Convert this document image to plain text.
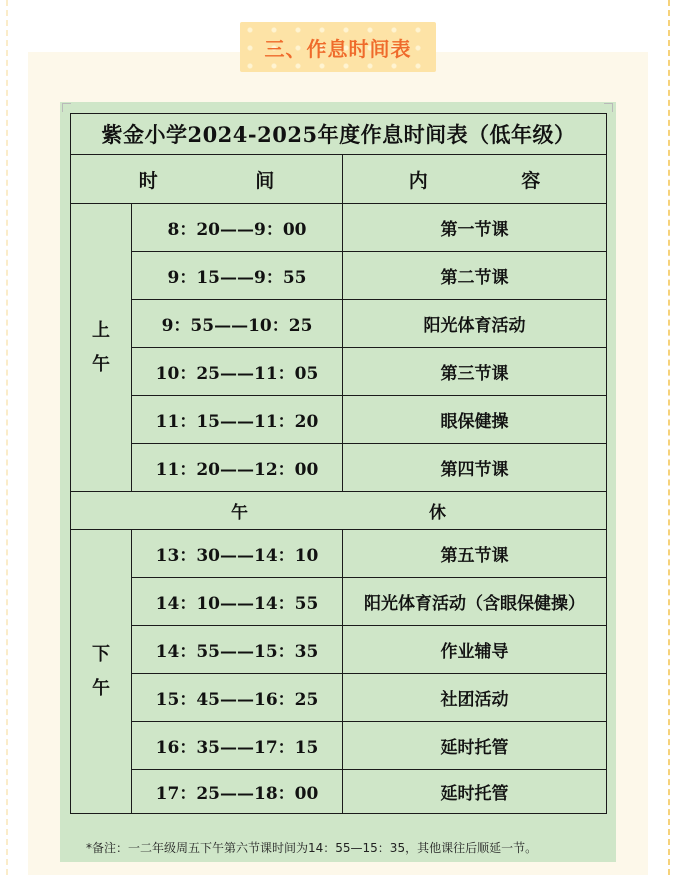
三、作息时间表
紫金小学2024-2025年度作息时间表（低年级）		

时 间		内 容

上
午	8：20——9：00	第一节课
	9：15——9：55	第二节课
	9：55——10：25	阳光体育活动
	10：25——11：05	第三节课
	11：15——11：20	眼保健操
	11：20——12：00	第四节课

午 休		

下
午	13：30——14：10	第五节课
	14：10——14：55	阳光体育活动（含眼保健操）
	14：55——15：35	作业辅导
	15：45——16：25	社团活动
	16：35——17：15	延时托管
	17：25——18：00	延时托管
*备注：一二年级周五下午第六节课时间为14：55—15：35，其他课往后顺延一节。
